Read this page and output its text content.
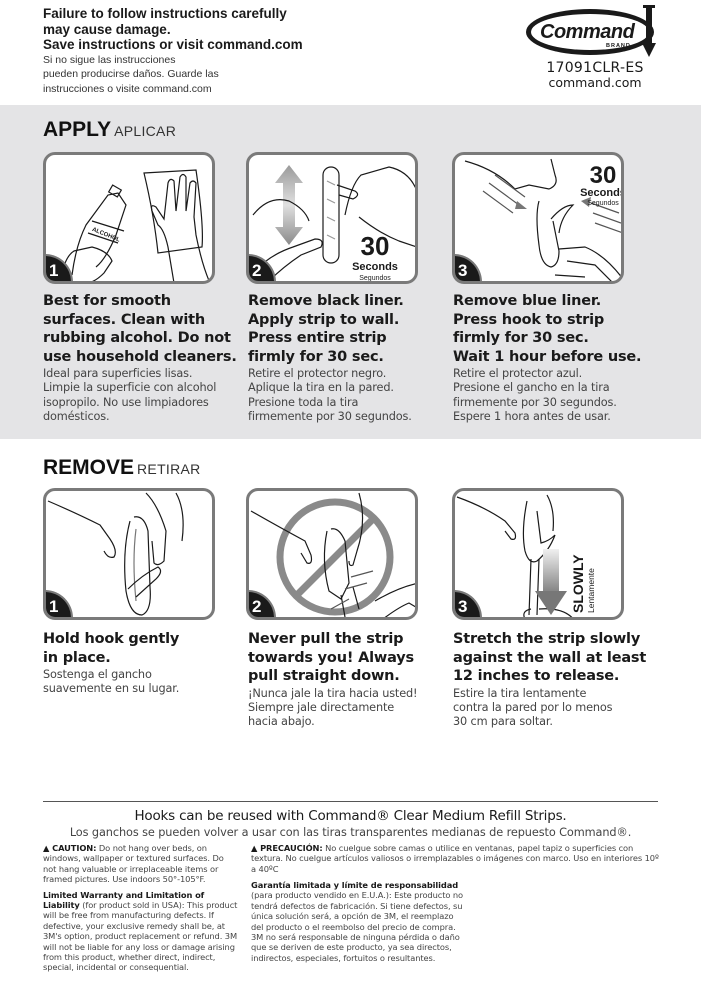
Failure to follow instructions carefully
may cause damage.
Save instructions or visit command.com
Si no sigue las instrucciones
pueden producirse daños. Guarde las
instrucciones o visite command.com
Command
BRAND
17091CLR-ES
command.com
APPLY APLICAR
ALCOHOL
1
30
Seconds
Segundos
2
30
Seconds
Segundos
3
Best for smooth
surfaces. Clean with
rubbing alcohol. Do not
use household cleaners.
Ideal para superficies lisas.
Limpie la superficie con alcohol
isopropilo. No use limpiadores
domésticos.
Remove black liner.
Apply strip to wall.
Press entire strip
firmly for 30 sec.
Retire el protector negro.
Aplique la tira en la pared.
Presione toda la tira
firmemente por 30 segundos.
Remove blue liner.
Press hook to strip
firmly for 30 sec.
Wait 1 hour before use.
Retire el protector azul.
Presione el gancho en la tira
firmemente por 30 segundos.
Espere 1 hora antes de usar.
REMOVE RETIRAR
1	2	SLOWLY Lentamente
3
Hold hook gently
in place.
Sostenga el gancho
suavemente en su lugar.
Never pull the strip
towards you! Always
pull straight down.
¡Nunca jale la tira hacia usted!
Siempre jale directamente
hacia abajo.
Stretch the strip slowly
against the wall at least
12 inches to release.
Estire la tira lentamente
contra la pared por lo menos
30 cm para soltar.
Hooks can be reused with Command® Clear Medium Refill Strips.
Los ganchos se pueden volver a usar con las tiras transparentes medianas de repuesto Command®.
▲ CAUTION: Do not hang over beds, on windows, wallpaper or textured surfaces. Do not hang valuable or irreplaceable items or framed pictures. Use indoors 50°-105°F.
Limited Warranty and Limitation of Liability (for product sold in USA): This product will be free from manufacturing defects. If defective, your exclusive remedy shall be, at 3M's option, product replacement or refund. 3M will not be liable for any loss or damage arising from this product, whether direct, indirect, special, incidental or consequential.
▲ PRECAUCIÓN: No cuelgue sobre camas o utilice en ventanas, papel tapiz o superficies con textura. No cuelgue artículos valiosos o irremplazables o imágenes con marco. Uso en interiores 10º a 40ºC
Garantía limitada y límite de responsabilidad (para producto vendido en E.U.A.): Este producto no tendrá defectos de fabricación. Si tiene defectos, su única solución será, a opción de 3M, el reemplazo del producto o el reembolso del precio de compra. 3M no será responsable de ninguna pérdida o daño que se deriven de este producto, ya sea directos, indirectos, especiales, fortuitos o resultantes.
